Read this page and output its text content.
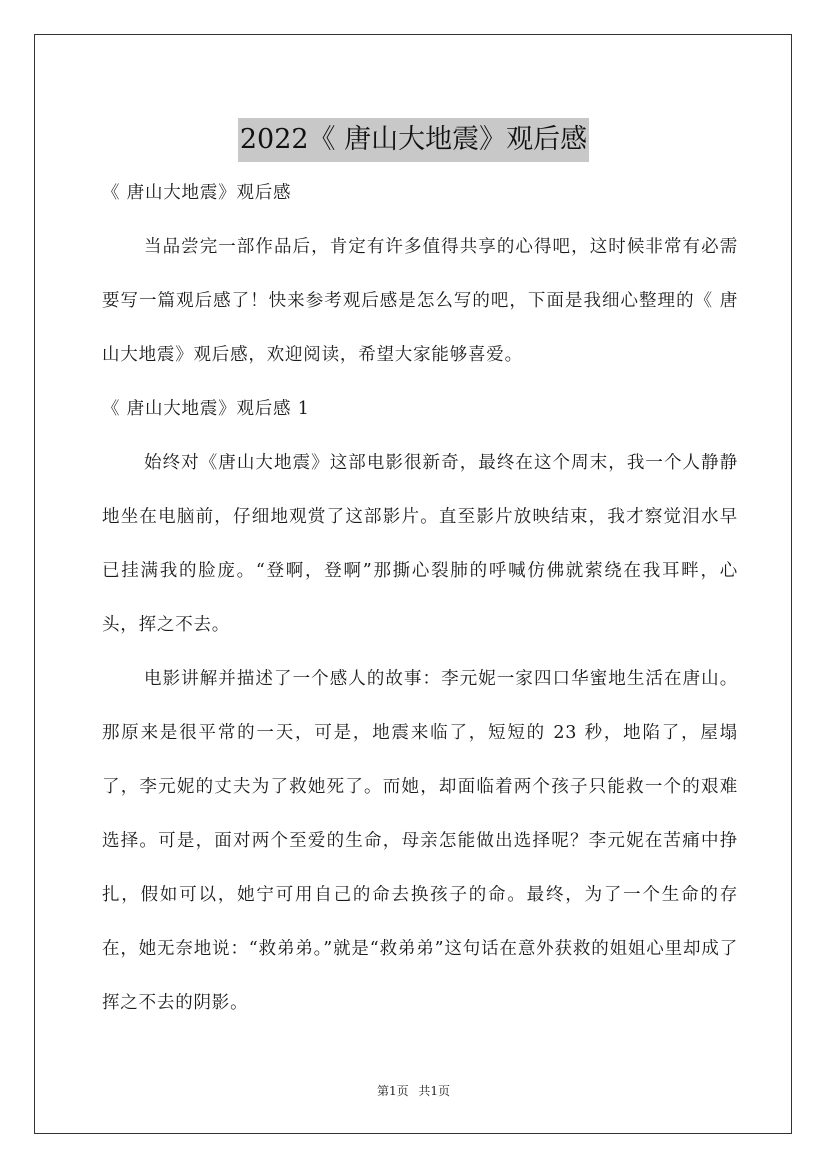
2022《 唐山大地震》观后感

《 唐山大地震》观后感

当品尝完一部作品后，肯定有许多值得共享的心得吧，这时候非常有必需要写一篇观后感了！快来参考观后感是怎么写的吧，下面是我细心整理的《 唐山大地震》观后感，欢迎阅读，希望大家能够喜爱。

《 唐山大地震》观后感 1

始终对《唐山大地震》这部电影很新奇，最终在这个周末，我一个人静静地坐在电脑前，仔细地观赏了这部影片。直至影片放映结束，我才察觉泪水早已挂满我的脸庞。“登啊，登啊”那撕心裂肺的呼喊仿佛就萦绕在我耳畔，心头，挥之不去。

电影讲解并描述了一个感人的故事：李元妮一家四口华蜜地生活在唐山。那原来是很平常的一天，可是，地震来临了，短短的 23 秒，地陷了，屋塌了，李元妮的丈夫为了救她死了。而她，却面临着两个孩子只能救一个的艰难选择。可是，面对两个至爱的生命，母亲怎能做出选择呢？李元妮在苦痛中挣扎，假如可以，她宁可用自己的命去换孩子的命。最终，为了一个生命的存在，她无奈地说：“救弟弟。”就是“救弟弟”这句话在意外获救的姐姐心里却成了挥之不去的阴影。

第1页 共1页
